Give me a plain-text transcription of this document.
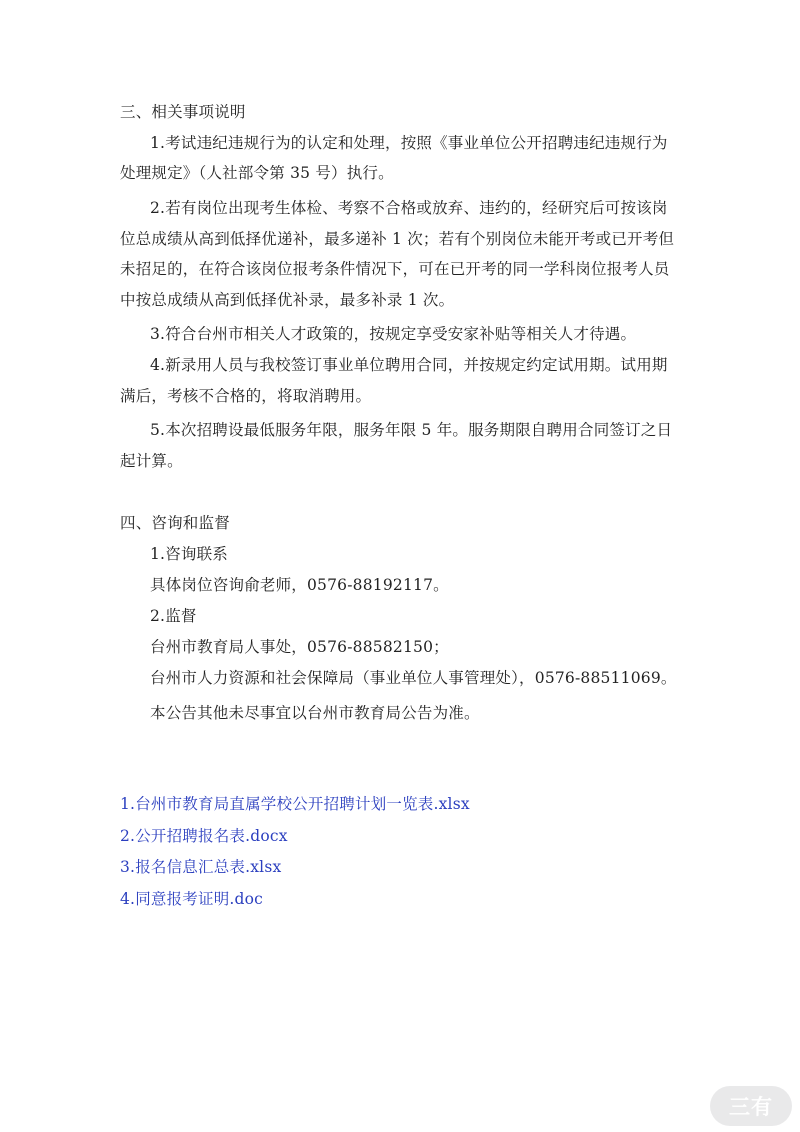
三、相关事项说明
1.考试违纪违规行为的认定和处理，按照《事业单位公开招聘违纪违规行为
处理规定》（人社部令第 35 号）执行。
2.若有岗位出现考生体检、考察不合格或放弃、违约的，经研究后可按该岗
位总成绩从高到低择优递补，最多递补 1 次；若有个别岗位未能开考或已开考但
未招足的，在符合该岗位报考条件情况下，可在已开考的同一学科岗位报考人员
中按总成绩从高到低择优补录，最多补录 1 次。
3.符合台州市相关人才政策的，按规定享受安家补贴等相关人才待遇。
4.新录用人员与我校签订事业单位聘用合同，并按规定约定试用期。试用期
满后，考核不合格的，将取消聘用。
5.本次招聘设最低服务年限，服务年限 5 年。服务期限自聘用合同签订之日
起计算。
四、咨询和监督
1.咨询联系
具体岗位咨询俞老师，0576-88192117。
2.监督
台州市教育局人事处，0576-88582150；
台州市人力资源和社会保障局（事业单位人事管理处），0576-88511069。
本公告其他未尽事宜以台州市教育局公告为准。
1.台州市教育局直属学校公开招聘计划一览表.xlsx
2.公开招聘报名表.docx
3.报名信息汇总表.xlsx
4.同意报考证明.doc
三有
